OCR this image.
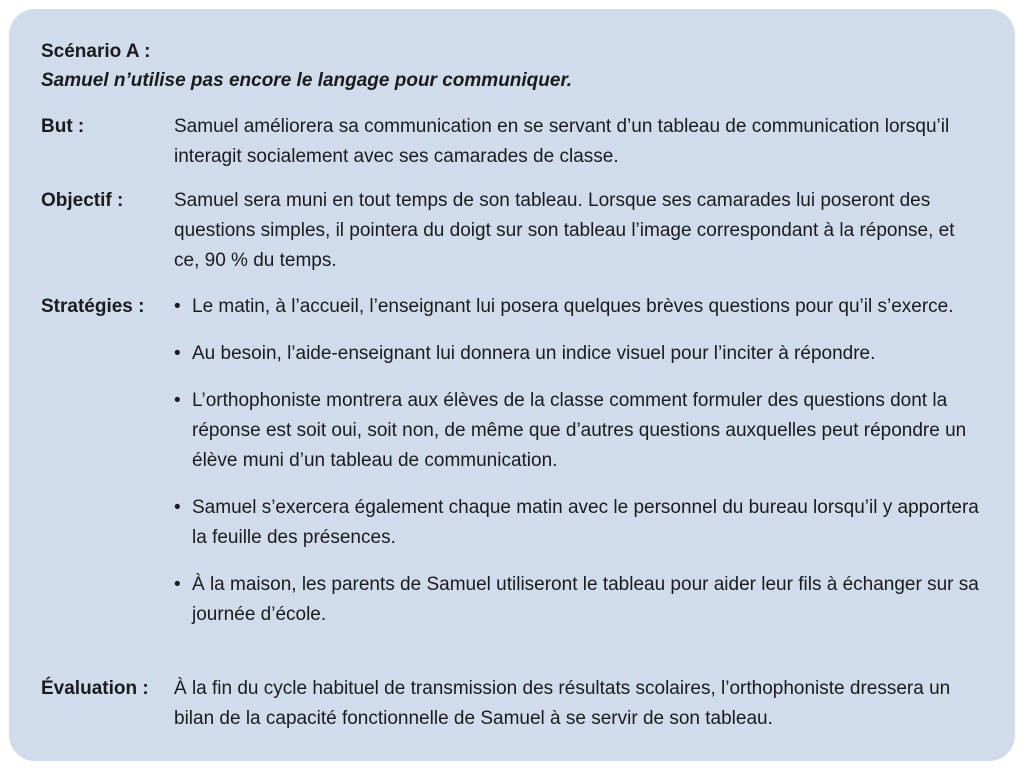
Scénario A :
Samuel n’utilise pas encore le langage pour communiquer.
But :	Samuel améliorera sa communication en se servant d’un tableau de communication lorsqu’il interagit socialement avec ses camarades de classe.
Objectif :	Samuel sera muni en tout temps de son tableau. Lorsque ses camarades lui poseront des questions simples, il pointera du doigt sur son tableau l’image correspondant à la réponse, et ce, 90 % du temps.
Stratégies : • Le matin, à l’accueil, l’enseignant lui posera quelques brèves questions pour qu’il s’exerce.
• Au besoin, l’aide-enseignant lui donnera un indice visuel pour l’inciter à répondre.
• L’orthophoniste montrera aux élèves de la classe comment formuler des questions dont la réponse est soit oui, soit non, de même que d’autres questions auxquelles peut répondre un élève muni d’un tableau de communication.
• Samuel s’exercera également chaque matin avec le personnel du bureau lorsqu’il y apportera la feuille des présences.
• À la maison, les parents de Samuel utiliseront le tableau pour aider leur fils à échanger sur sa journée d’école.
Évaluation : À la fin du cycle habituel de transmission des résultats scolaires, l’orthophoniste dressera un bilan de la capacité fonctionnelle de Samuel à se servir de son tableau.
